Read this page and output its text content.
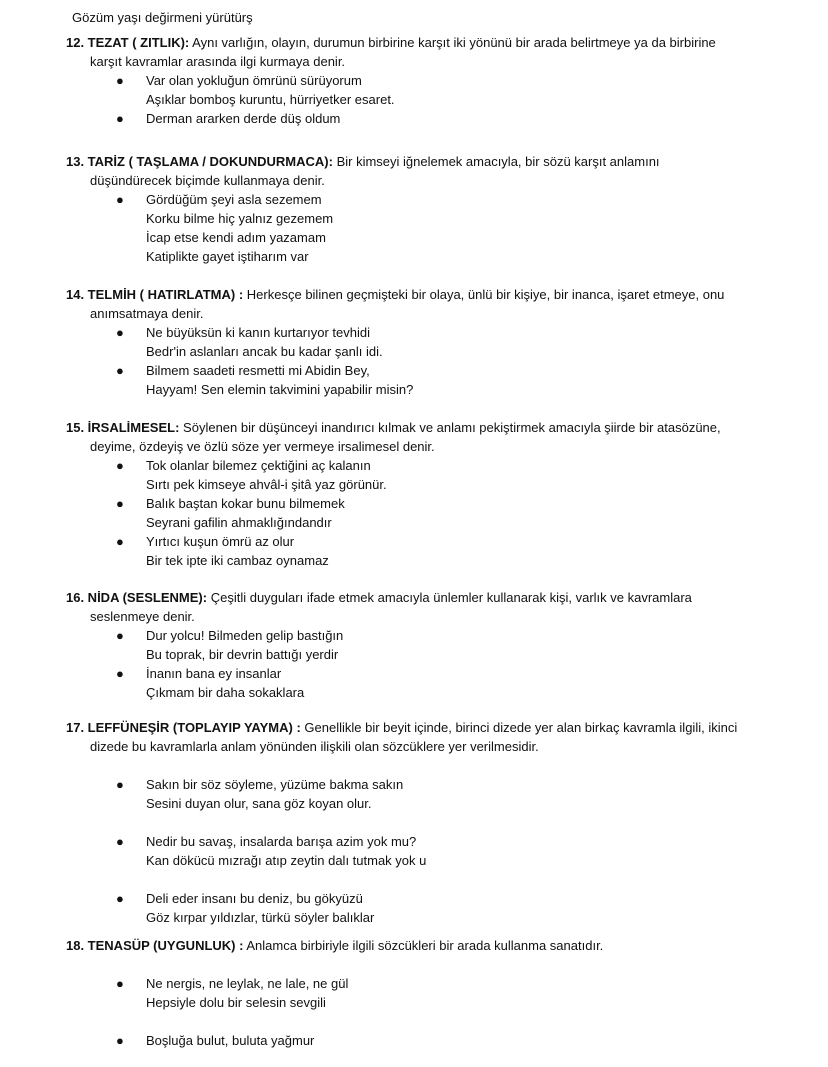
Gözüm yaşı değirmeni yürütürş
12. TEZAT ( ZITLIK): Aynı varlığın, olayın, durumun birbirine karşıt iki yönünü bir arada belirtmeye ya da birbirine
karşıt kavramlar arasında ilgi kurmaya denir.
● Var olan yokluğun ömrünü sürüyorum
Aşıklar bomboş kuruntu, hürriyetker esaret.
● Derman ararken derde düş oldum
13. TARİZ ( TAŞLAMA / DOKUNDURMACA): Bir kimseyi iğnelemek amacıyla, bir sözü karşıt anlamını
düşündürecek biçimde kullanmaya denir.
● Gördüğüm şeyi asla sezemem
Korku bilme hiç yalnız gezemem
İcap etse kendi adım yazamam
Katiplikte gayet iştiharım var
14. TELMİH ( HATIRLATMA) : Herkesçe bilinen geçmişteki bir olaya, ünlü bir kişiye, bir inanca, işaret etmeye, onu
anımsatmaya denir.
● Ne büyüksün ki kanın kurtarıyor tevhidi
Bedr'in aslanları ancak bu kadar şanlı idi.
● Bilmem saadeti resmetti mi Abidin Bey,
Hayyam! Sen elemin takvimini yapabilir misin?
15. İRSALİMESEL: Söylenen bir düşünceyi inandırıcı kılmak ve anlamı pekiştirmek amacıyla şiirde bir atasözüne,
deyime, özdeyiş ve özlü söze yer vermeye irsalimesel denir.
● Tok olanlar bilemez çektiğini aç kalanın
Sırtı pek kimseye ahvâl-i şitâ yaz görünür.
● Balık baştan kokar bunu bilmemek
Seyrani gafilin ahmaklığındandır
● Yırtıcı kuşun ömrü az olur
Bir tek ipte iki cambaz oynamaz
16. NİDA (SESLENME): Çeşitli duyguları ifade etmek amacıyla ünlemler kullanarak kişi, varlık ve kavramlara
seslenmeye denir.
● Dur yolcu! Bilmeden gelip bastığın
Bu toprak, bir devrin battığı yerdir
● İnanın bana ey insanlar
Çıkmam bir daha sokaklara
17. LEFFÜNEŞİR (TOPLAYIP YAYMA) : Genellikle bir beyit içinde, birinci dizede yer alan birkaç kavramla ilgili, ikinci
dizede bu kavramlarla anlam yönünden ilişkili olan sözcüklere yer verilmesidir.
● Sakın bir söz söyleme, yüzüme bakma sakın
Sesini duyan olur, sana göz koyan olur.
● Nedir bu savaş, insalarda barışa azim yok mu?
Kan dökücü mızrağı atıp zeytin dalı tutmak yok u
● Deli eder insanı bu deniz, bu gökyüzü
Göz kırpar yıldızlar, türkü söyler balıklar
18. TENASÜP (UYGUNLUK) : Anlamca birbiriyle ilgili sözcükleri bir arada kullanma sanatıdır.
● Ne nergis, ne leylak, ne lale, ne gül
Hepsiyle dolu bir selesin sevgili
● Boşluğa bulut, buluta yağmur
